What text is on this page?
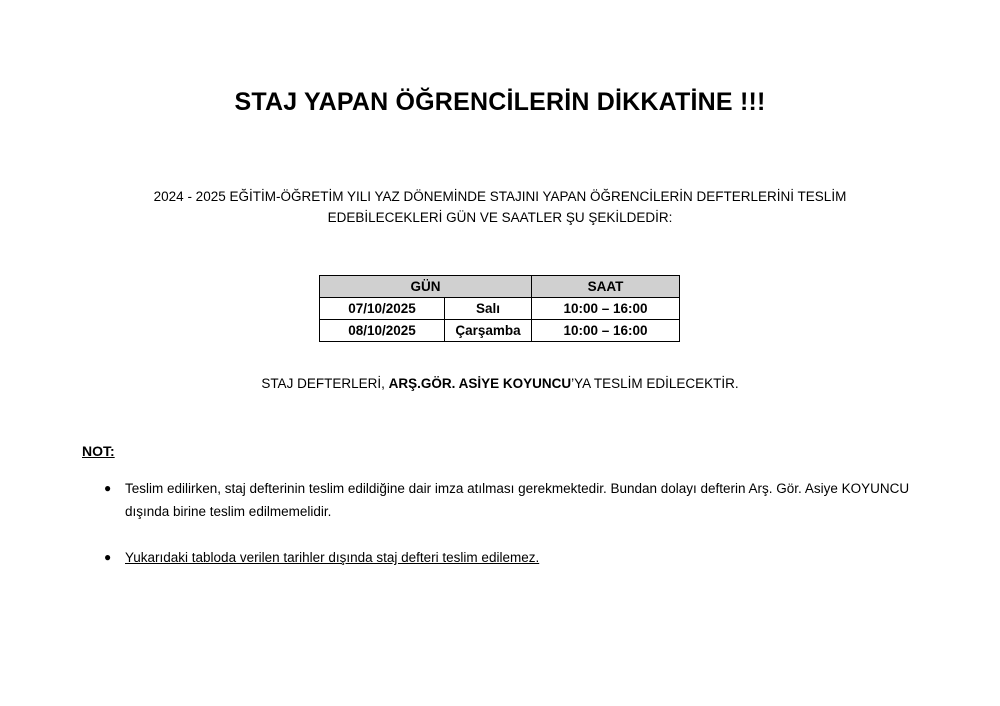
STAJ YAPAN ÖĞRENCİLERİN DİKKATİNE !!!
2024 - 2025 EĞİTİM-ÖĞRETİM YILI YAZ DÖNEMİNDE STAJINI YAPAN ÖĞRENCİLERİN DEFTERLERİNİ TESLİM
EDEBİLECEKLERİ GÜN VE SAATLER ŞU ŞEKİLDEDİR:
GÜN		SAAT
07/10/2025	Salı	10:00 – 16:00
08/10/2025	Çarşamba	10:00 – 16:00
STAJ DEFTERLERİ, ARŞ.GÖR. ASİYE KOYUNCU’YA TESLİM EDİLECEKTİR.
NOT:
● Teslim edilirken, staj defterinin teslim edildiğine dair imza atılması gerekmektedir. Bundan dolayı defterin Arş. Gör. Asiye KOYUNCU dışında birine teslim edilmemelidir.
● Yukarıdaki tabloda verilen tarihler dışında staj defteri teslim edilemez.
